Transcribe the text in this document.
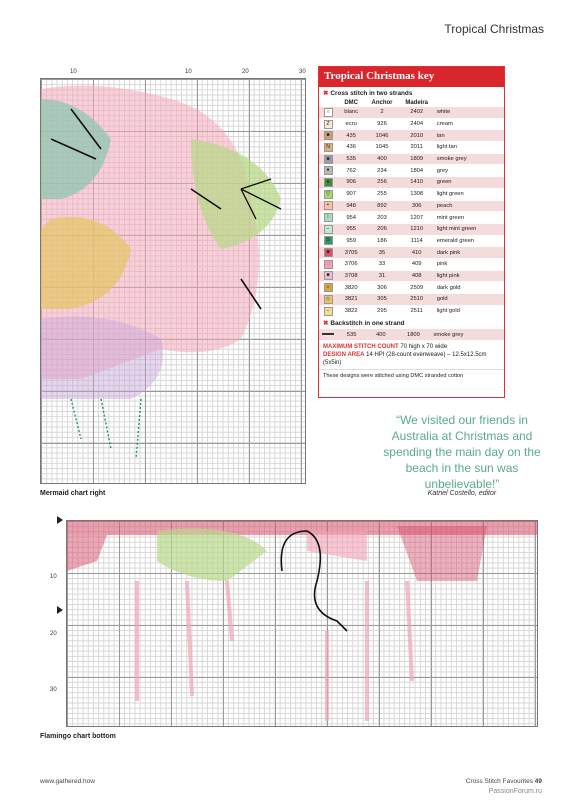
Tropical Christmas
10	10	20	30
Mermaid chart right
Tropical Christmas key
✖ Cross stitch in two strands
	DMC	Anchor	Madeira	
○	blanc	2	2402	white
Z	ecru	926	2404	cream
■	435	1046	2010	tan
N	436	1045	2011	light tan
■	535	400	1809	smoke grey
●	762	234	1804	grey
♦	906	256	1410	green
▽	907	255	1308	light green
+	948	892	306	peach
⁞	954	203	1207	mint green
−	955	206	1210	light mint green
S	959	186	1114	emerald green
■	3705	35	410	dark pink
∷	3706	33	409	pink
■	3708	31	408	light pink
☼	3820	306	2509	dark gold
◇	3821	305	2510	gold
−	3822	295	2511	light gold
✖ Backstitch in one strand
	535	400	1809	smoke grey
MAXIMUM STITCH COUNT 70 high x 70 wide
DESIGN AREA 14 HPI (28-count evenweave) – 12.5x12.5cm (5x5in)
These designs were stitched using DMC stranded cotton
“We visited our friends in Australia at Christmas and spending the main day on the beach in the sun was unbelievable!”
Katriel Costello, editor
10
20
30
Flamingo chart bottom
www.gathered.how	Cross Stitch Favourites 49
PassionForum.ru
